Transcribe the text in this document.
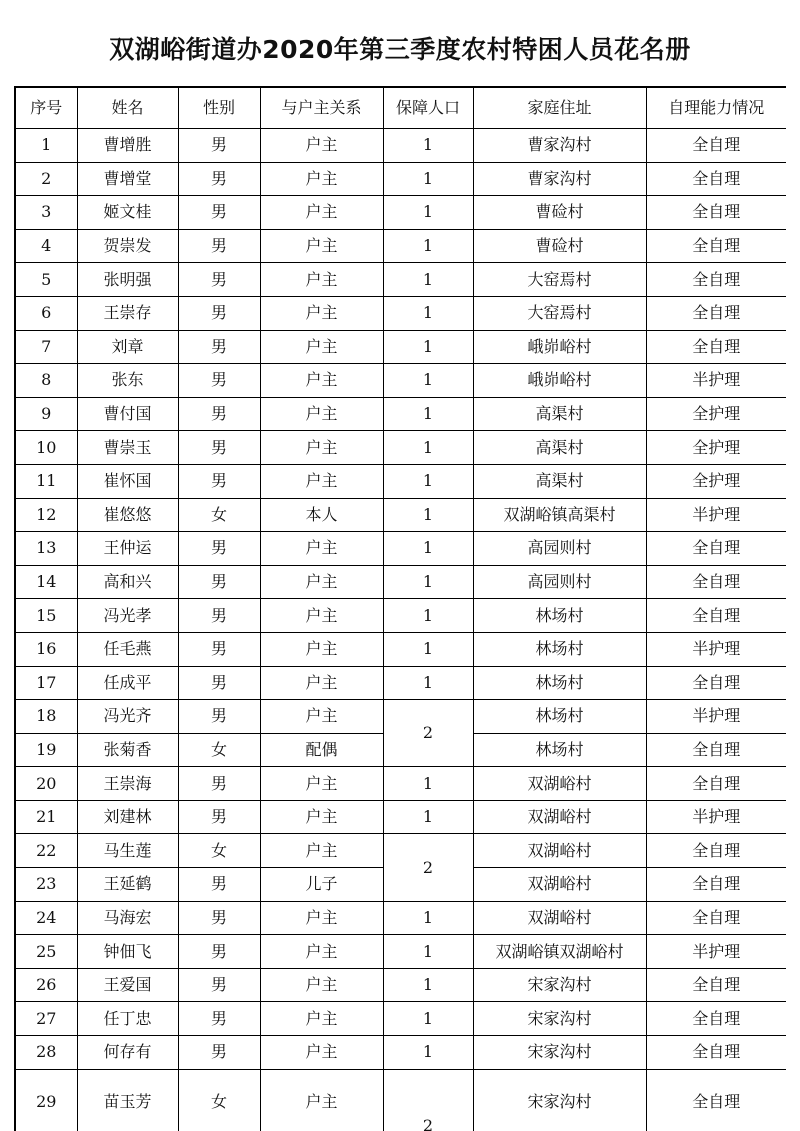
双湖峪街道办2020年第三季度农村特困人员花名册
序号	姓名	性别	与户主关系	保障人口	家庭住址	自理能力情况
1	曹增胜	男	户主	1	曹家沟村	全自理
2	曹增堂	男	户主	1	曹家沟村	全自理
3	姬文桂	男	户主	1	曹硷村	全自理
4	贺崇发	男	户主	1	曹硷村	全自理
5	张明强	男	户主	1	大窑焉村	全自理
6	王崇存	男	户主	1	大窑焉村	全自理
7	刘章	男	户主	1	峨峁峪村	全自理
8	张东	男	户主	1	峨峁峪村	半护理
9	曹付国	男	户主	1	高渠村	全护理
10	曹崇玉	男	户主	1	高渠村	全护理
11	崔怀国	男	户主	1	高渠村	全护理
12	崔悠悠	女	本人	1	双湖峪镇高渠村	半护理
13	王仲运	男	户主	1	高园则村	全自理
14	高和兴	男	户主	1	高园则村	全自理
15	冯光孝	男	户主	1	林场村	全自理
16	任毛燕	男	户主	1	林场村	半护理
17	任成平	男	户主	1	林场村	全自理
18	冯光齐	男	户主	2	林场村	半护理
19	张菊香	女	配偶		林场村	全自理
20	王崇海	男	户主	1	双湖峪村	全自理
21	刘建林	男	户主	1	双湖峪村	半护理
22	马生莲	女	户主	2	双湖峪村	全自理
23	王延鹤	男	儿子		双湖峪村	全自理
24	马海宏	男	户主	1	双湖峪村	全自理
25	钟佃飞	男	户主	1	双湖峪镇双湖峪村	半护理
26	王爱国	男	户主	1	宋家沟村	全自理
27	任丁忠	男	户主	1	宋家沟村	全自理
28	何存有	男	户主	1	宋家沟村	全自理
29	苗玉芳	女	户主	2	宋家沟村	全自理
